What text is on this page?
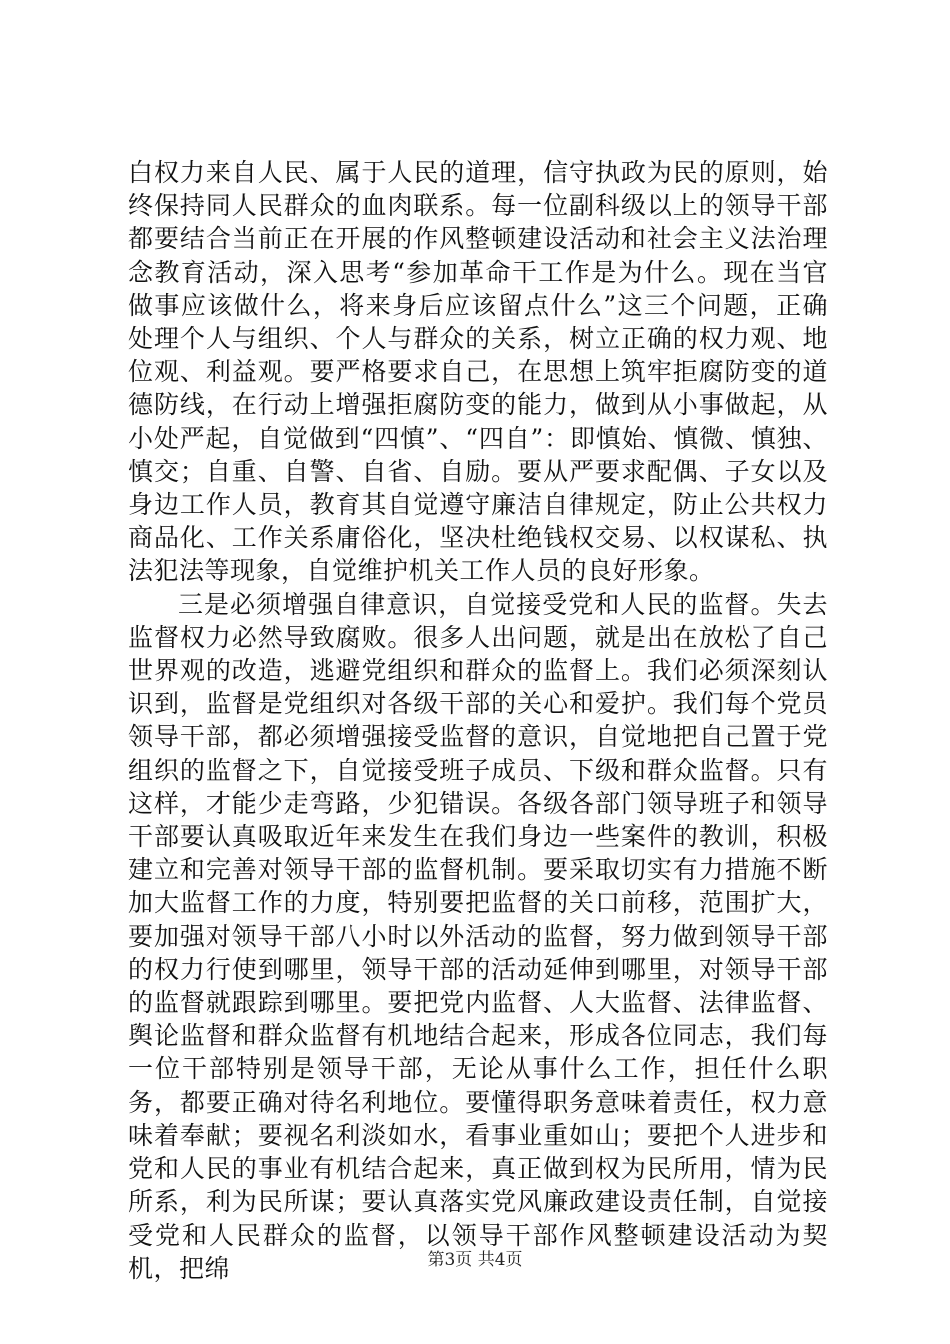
白权力来自人民、属于人民的道理，信守执政为民的原则，始终保持同人民群众的血肉联系。每一位副科级以上的领导干部都要结合当前正在开展的作风整顿建设活动和社会主义法治理念教育活动，深入思考“参加革命干工作是为什么。现在当官做事应该做什么，将来身后应该留点什么”这三个问题，正确处理个人与组织、个人与群众的关系，树立正确的权力观、地位观、利益观。要严格要求自己，在思想上筑牢拒腐防变的道德防线，在行动上增强拒腐防变的能力，做到从小事做起，从小处严起，自觉做到“四慎”、“四自”：即慎始、慎微、慎独、慎交；自重、自警、自省、自励。要从严要求配偶、子女以及身边工作人员，教育其自觉遵守廉洁自律规定，防止公共权力商品化、工作关系庸俗化，坚决杜绝钱权交易、以权谋私、执法犯法等现象，自觉维护机关工作人员的良好形象。

三是必须增强自律意识，自觉接受党和人民的监督。失去监督权力必然导致腐败。很多人出问题，就是出在放松了自己世界观的改造，逃避党组织和群众的监督上。我们必须深刻认识到，监督是党组织对各级干部的关心和爱护。我们每个党员领导干部，都必须增强接受监督的意识，自觉地把自己置于党组织的监督之下，自觉接受班子成员、下级和群众监督。只有这样，才能少走弯路，少犯错误。各级各部门领导班子和领导干部要认真吸取近年来发生在我们身边一些案件的教训，积极建立和完善对领导干部的监督机制。要采取切实有力措施不断加大监督工作的力度，特别要把监督的关口前移，范围扩大，要加强对领导干部八小时以外活动的监督，努力做到领导干部的权力行使到哪里，领导干部的活动延伸到哪里，对领导干部的监督就跟踪到哪里。要把党内监督、人大监督、法律监督、舆论监督和群众监督有机地结合起来，形成各位同志，我们每一位干部特别是领导干部，无论从事什么工作，担任什么职务，都要正确对待名利地位。要懂得职务意味着责任，权力意味着奉献；要视名利淡如水，看事业重如山；要把个人进步和党和人民的事业有机结合起来，真正做到权为民所用，情为民所系，利为民所谋；要认真落实党风廉政建设责任制，自觉接受党和人民群众的监督，以领导干部作风整顿建设活动为契机，把绵	第3页 共4页
